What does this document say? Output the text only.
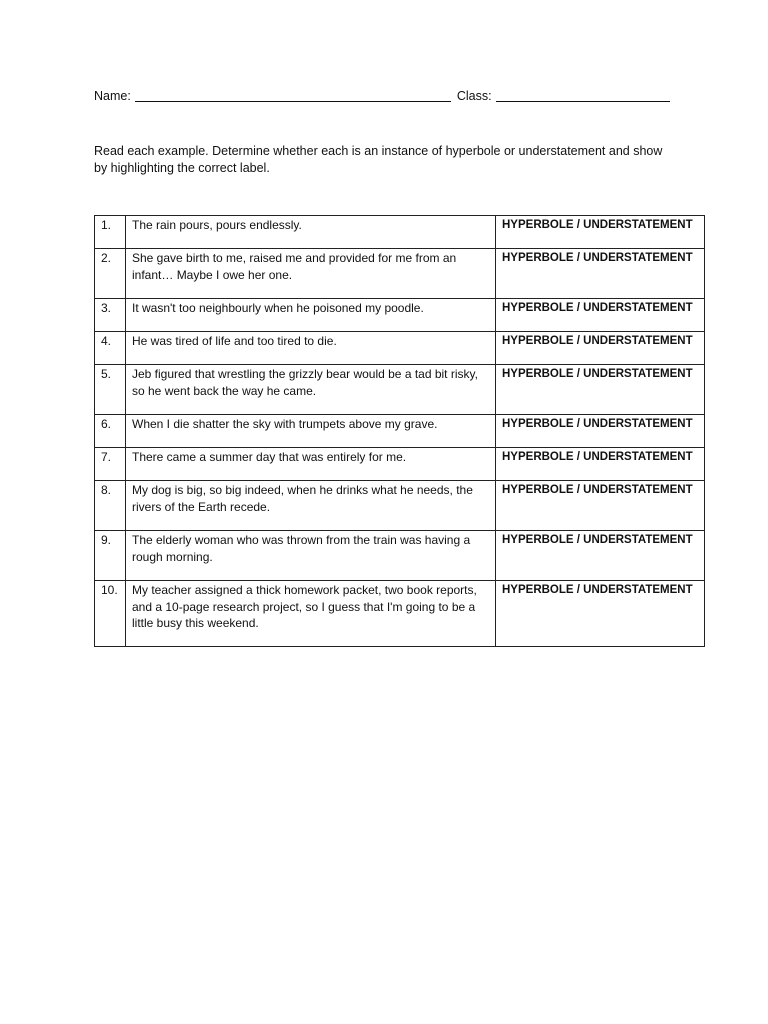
Name:	Class:
Read each example. Determine whether each is an instance of hyperbole or understatement and show by highlighting the correct label.
1.	The rain pours, pours endlessly.	HYPERBOLE / UNDERSTATEMENT
2.	She gave birth to me, raised me and provided for me from an infant… Maybe I owe her one.	HYPERBOLE / UNDERSTATEMENT
3.	It wasn't too neighbourly when he poisoned my poodle.	HYPERBOLE / UNDERSTATEMENT
4.	He was tired of life and too tired to die.	HYPERBOLE / UNDERSTATEMENT
5.	Jeb figured that wrestling the grizzly bear would be a tad bit risky, so he went back the way he came.	HYPERBOLE / UNDERSTATEMENT
6.	When I die shatter the sky with trumpets above my grave.	HYPERBOLE / UNDERSTATEMENT
7.	There came a summer day that was entirely for me.	HYPERBOLE / UNDERSTATEMENT
8.	My dog is big, so big indeed, when he drinks what he needs, the rivers of the Earth recede.	HYPERBOLE / UNDERSTATEMENT
9.	The elderly woman who was thrown from the train was having a rough morning.	HYPERBOLE / UNDERSTATEMENT
10.	My teacher assigned a thick homework packet, two book reports, and a 10-page research project, so I guess that I'm going to be a little busy this weekend.	HYPERBOLE / UNDERSTATEMENT
